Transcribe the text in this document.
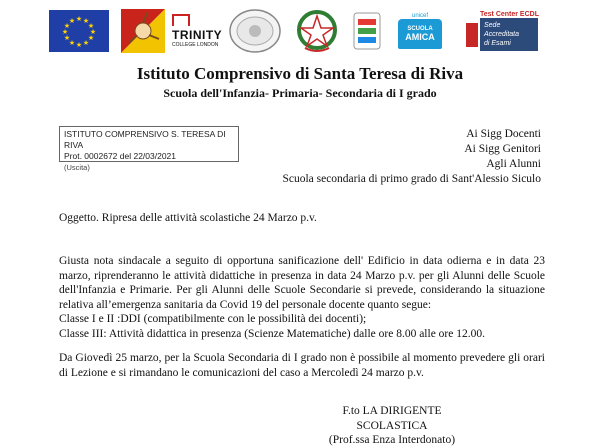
★ ★
★
★
★
★
★
★
★
★
★
★
TRINITY
COLLEGE LONDON
unicef
SCUOLA
AMICA
Test Center ECDL
Sede Accreditata
di Esami
Istituto Comprensivo di Santa Teresa di Riva
Scuola dell'Infanzia- Primaria- Secondaria di I grado
ISTITUTO COMPRENSIVO S. TERESA DI RIVA
Prot. 0002672 del 22/03/2021
(Uscita)
Ai Sigg Docenti
Ai Sigg Genitori
Agli Alunni
Scuola secondaria di primo grado di Sant'Alessio Siculo
Oggetto. Ripresa delle attività scolastiche 24 Marzo p.v.

Giusta nota sindacale a seguito di opportuna sanificazione dell' Edificio in data odierna e in data 23 marzo, riprenderanno le attività didattiche in presenza in data 24 Marzo p.v. per gli Alunni delle Scuole dell'Infanzia e Primarie. Per gli Alunni delle Scuole Secondarie si prevede, considerando la situazione relativa all’emergenza sanitaria da Covid 19 del personale docente quanto segue:

Classe I e II :DDI (compatibilmente con le possibilità dei docenti);
Classe III: Attività didattica in presenza (Scienze Matematiche) dalle ore 8.00 alle ore 12.00.
Da Giovedì 25 marzo, per la Scuola Secondaria di I grado non è possibile al momento prevedere gli orari di Lezione e si rimandano le comunicazioni del caso a Mercoledì 24 marzo p.v.
F.to LA DIRIGENTE SCOLASTICA
(Prof.ssa Enza Interdonato)
